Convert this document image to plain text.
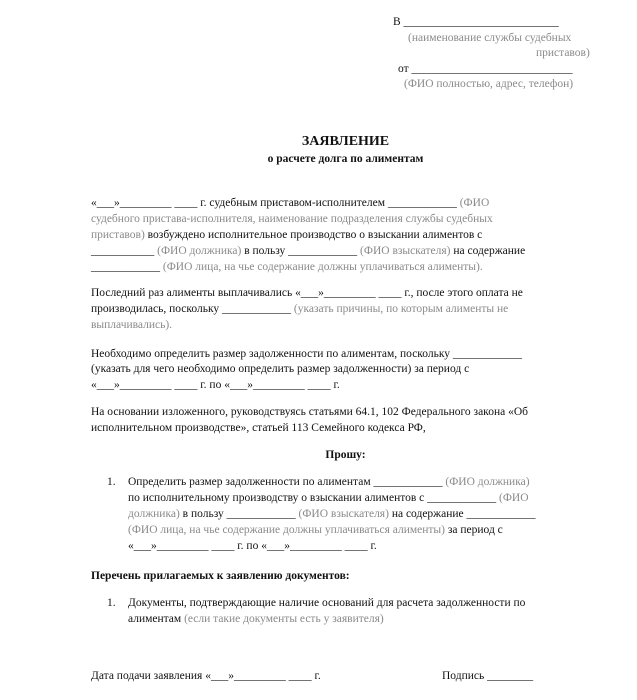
В ___________________________
(наименование службы судебных
приставов)
от ____________________________
(ФИО полностью, адрес, телефон)
ЗАЯВЛЕНИЕ
о расчете долга по алиментам
«___»_________ ____ г. судебным приставом-исполнителем ____________ (ФИО
судебного пристава-исполнителя, наименование подразделения службы судебных
приставов) возбуждено исполнительное производство о взыскании алиментов с
___________ (ФИО должника) в пользу ____________ (ФИО взыскателя) на содержание
____________ (ФИО лица, на чье содержание должны уплачиваться алименты).
Последний раз алименты выплачивались «___»_________ ____ г., после этого оплата не
производилась, поскольку ____________ (указать причины, по которым алименты не
выплачивались).
Необходимо определить размер задолженности по алиментам, поскольку ____________
(указать для чего необходимо определить размер задолженности) за период с
«___»_________ ____ г. по «___»_________ ____ г.
На основании изложенного, руководствуясь статьями 64.1, 102 Федерального закона «Об
исполнительном производстве», статьей 113 Семейного кодекса РФ,
Прошу:
1. Определить размер задолженности по алиментам ____________ (ФИО должника)
по исполнительному производству о взыскании алиментов с ____________ (ФИО
должника) в пользу ____________ (ФИО взыскателя) на содержание ____________
(ФИО лица, на чье содержание должны уплачиваться алименты) за период с
«___»_________ ____ г. по «___»_________ ____ г.
Перечень прилагаемых к заявлению документов:
1. Документы, подтверждающие наличие оснований для расчета задолженности по
алиментам (если такие документы есть у заявителя)
Дата подачи заявления «___»_________ ____ г.	Подпись ________
